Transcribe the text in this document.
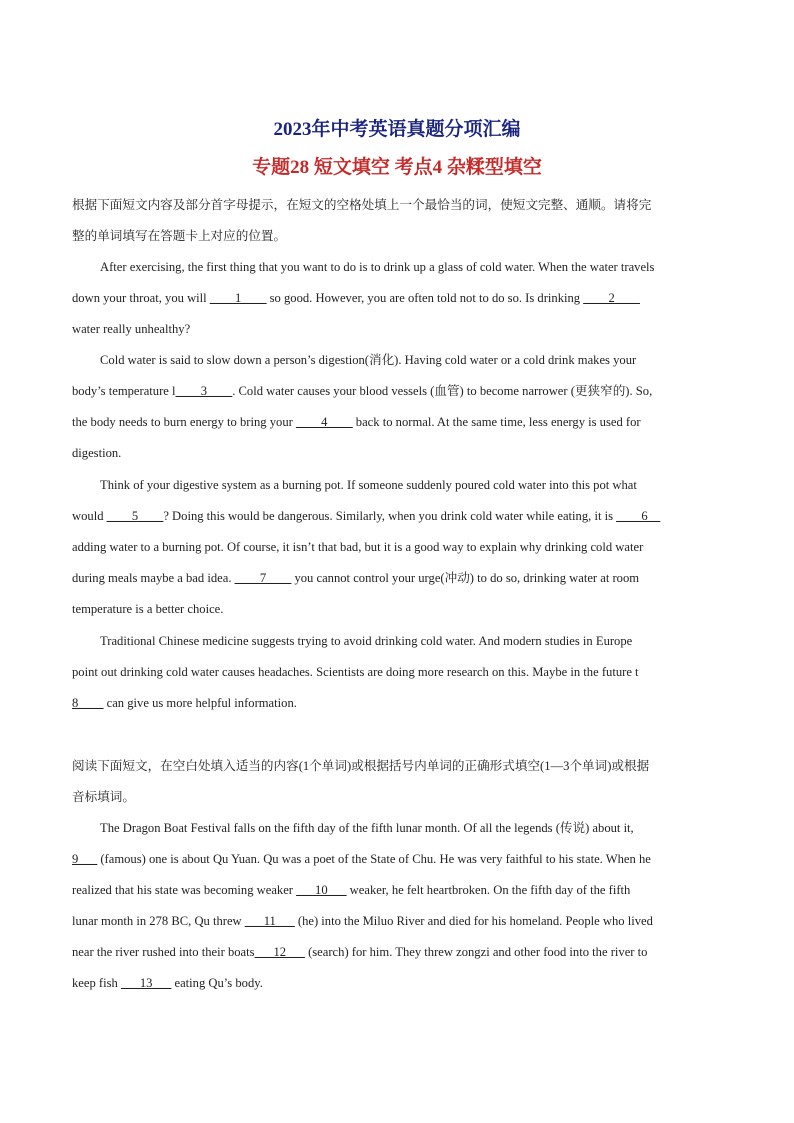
2023年中考英语真题分项汇编
专题28 短文填空 考点4 杂糅型填空
根据下面短文内容及部分首字母提示，在短文的空格处填上一个最恰当的词，使短文完整、通顺。请将完
整的单词填写在答题卡上对应的位置。
After exercising, the first thing that you want to do is to drink up a glass of cold water. When the water travels
down your throat, you will ____1____ so good. However, you are often told not to do so. Is drinking ____2____
water really unhealthy?
Cold water is said to slow down a person’s digestion(消化). Having cold water or a cold drink makes your
body’s temperature l____3____. Cold water causes your blood vessels (血管) to become narrower (更狭窄的). So,
the body needs to burn energy to bring your ____4____ back to normal. At the same time, less energy is used for
digestion.
Think of your digestive system as a burning pot. If someone suddenly poured cold water into this pot what
would ____5____? Doing this would be dangerous. Similarly, when you drink cold water while eating, it is ____6__
adding water to a burning pot. Of course, it isn’t that bad, but it is a good way to explain why drinking cold water
during meals maybe a bad idea. ____7____ you cannot control your urge(冲动) to do so, drinking water at room
temperature is a better choice.
Traditional Chinese medicine suggests trying to avoid drinking cold water. And modern studies in Europe
point out drinking cold water causes headaches. Scientists are doing more research on this. Maybe in the future t
8____ can give us more helpful information.
阅读下面短文，在空白处填入适当的内容(1个单词)或根据括号内单词的正确形式填空(1—3个单词)或根据
音标填词。
The Dragon Boat Festival falls on the fifth day of the fifth lunar month. Of all the legends (传说) about it,
9___ (famous) one is about Qu Yuan. Qu was a poet of the State of Chu. He was very faithful to his state. When he
realized that his state was becoming weaker ___10___ weaker, he felt heartbroken. On the fifth day of the fifth
lunar month in 278 BC, Qu threw ___11___ (he) into the Miluo River and died for his homeland. People who lived
near the river rushed into their boats___12___ (search) for him. They threw zongzi and other food into the river to
keep fish ___13___ eating Qu’s body.
